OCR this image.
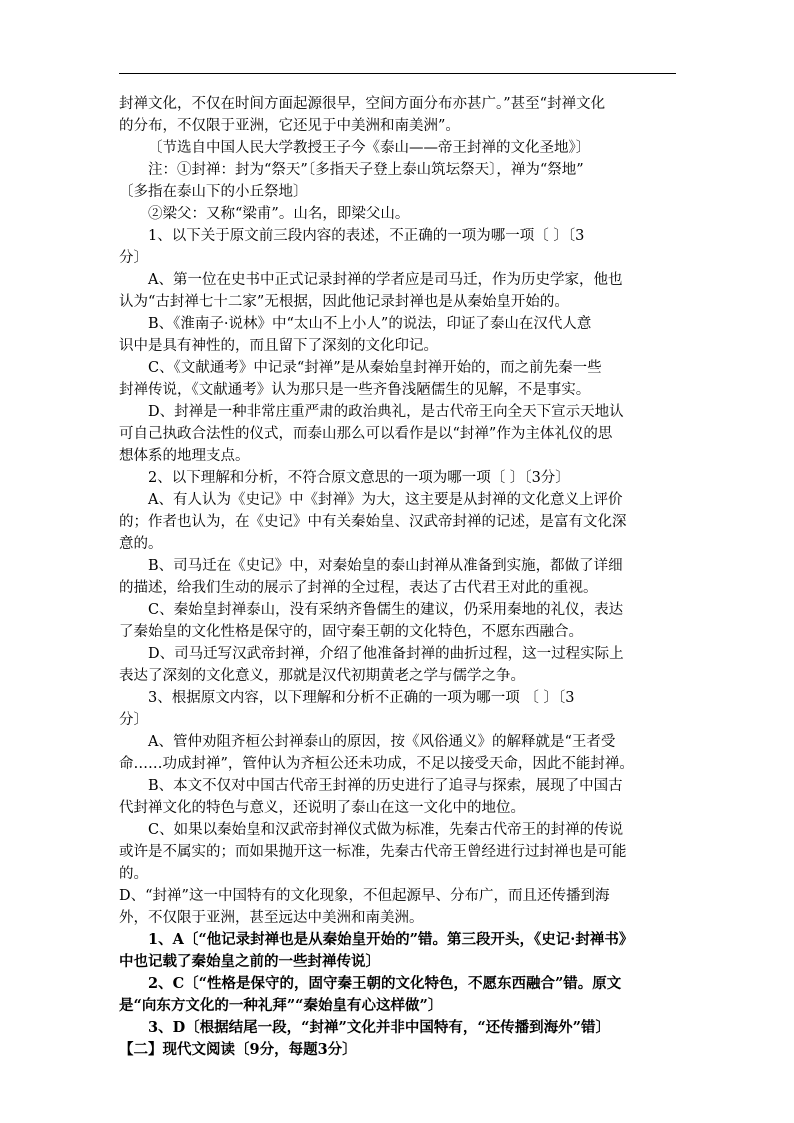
封禅文化，不仅在时间方面起源很早，空间方面分布亦甚广。”甚至“封禅文化
的分布，不仅限于亚洲，它还见于中美洲和南美洲”。
〔节选自中国人民大学教授王子今《泰山——帝王封禅的文化圣地》〕
注：①封禅：封为“祭天”〔多指天子登上泰山筑坛祭天〕，禅为“祭地”
〔多指在泰山下的小丘祭地〕
②梁父：又称“梁甫”。山名，即梁父山。
1、以下关于原文前三段内容的表述，不正确的一项为哪一项〔 〕〔3
分〕
A、第一位在史书中正式记录封禅的学者应是司马迁，作为历史学家，他也
认为“古封禅七十二家”无根据，因此他记录封禅也是从秦始皇开始的。
B、《淮南子·说林》中“太山不上小人”的说法，印证了泰山在汉代人意
识中是具有神性的，而且留下了深刻的文化印记。
C、《文献通考》中记录“封禅”是从秦始皇封禅开始的，而之前先秦一些
封禅传说，《文献通考》认为那只是一些齐鲁浅陋儒生的见解，不是事实。
D、封禅是一种非常庄重严肃的政治典礼，是古代帝王向全天下宣示天地认
可自己执政合法性的仪式，而泰山那么可以看作是以“封禅”作为主体礼仪的思
想体系的地理支点。
2、以下理解和分析，不符合原文意思的一项为哪一项〔 〕〔3分〕
A、有人认为《史记》中《封禅》为大，这主要是从封禅的文化意义上评价
的；作者也认为，在《史记》中有关秦始皇、汉武帝封禅的记述，是富有文化深
意的。
B、司马迁在《史记》中，对秦始皇的泰山封禅从准备到实施，都做了详细
的描述，给我们生动的展示了封禅的全过程，表达了古代君王对此的重视。
C、秦始皇封禅泰山，没有采纳齐鲁儒生的建议，仍采用秦地的礼仪，表达
了秦始皇的文化性格是保守的，固守秦王朝的文化特色，不愿东西融合。
D、司马迁写汉武帝封禅，介绍了他准备封禅的曲折过程，这一过程实际上
表达了深刻的文化意义，那就是汉代初期黄老之学与儒学之争。
3、根据原文内容，以下理解和分析不正确的一项为哪一项 〔 〕〔3
分〕
A、管仲劝阻齐桓公封禅泰山的原因，按《风俗通义》的解释就是“王者受
命……功成封禅”，管仲认为齐桓公还未功成，不足以接受天命，因此不能封禅。
B、本文不仅对中国古代帝王封禅的历史进行了追寻与探索，展现了中国古
代封禅文化的特色与意义，还说明了泰山在这一文化中的地位。
C、如果以秦始皇和汉武帝封禅仪式做为标准，先秦古代帝王的封禅的传说
或许是不属实的；而如果抛开这一标准，先秦古代帝王曾经进行过封禅也是可能
的。
D、“封禅”这一中国特有的文化现象，不但起源早、分布广，而且还传播到海
外，不仅限于亚洲，甚至远达中美洲和南美洲。
1、A〔“他记录封禅也是从秦始皇开始的”错。第三段开头，《史记·封禅书》
中也记载了秦始皇之前的一些封禅传说〕
2、C〔“性格是保守的，固守秦王朝的文化特色，不愿东西融合”错。原文
是“向东方文化的一种礼拜”“秦始皇有心这样做”〕
3、D〔根据结尾一段，“封禅”文化并非中国特有，“还传播到海外”错〕
【二】现代文阅读〔9分，每题3分〕
